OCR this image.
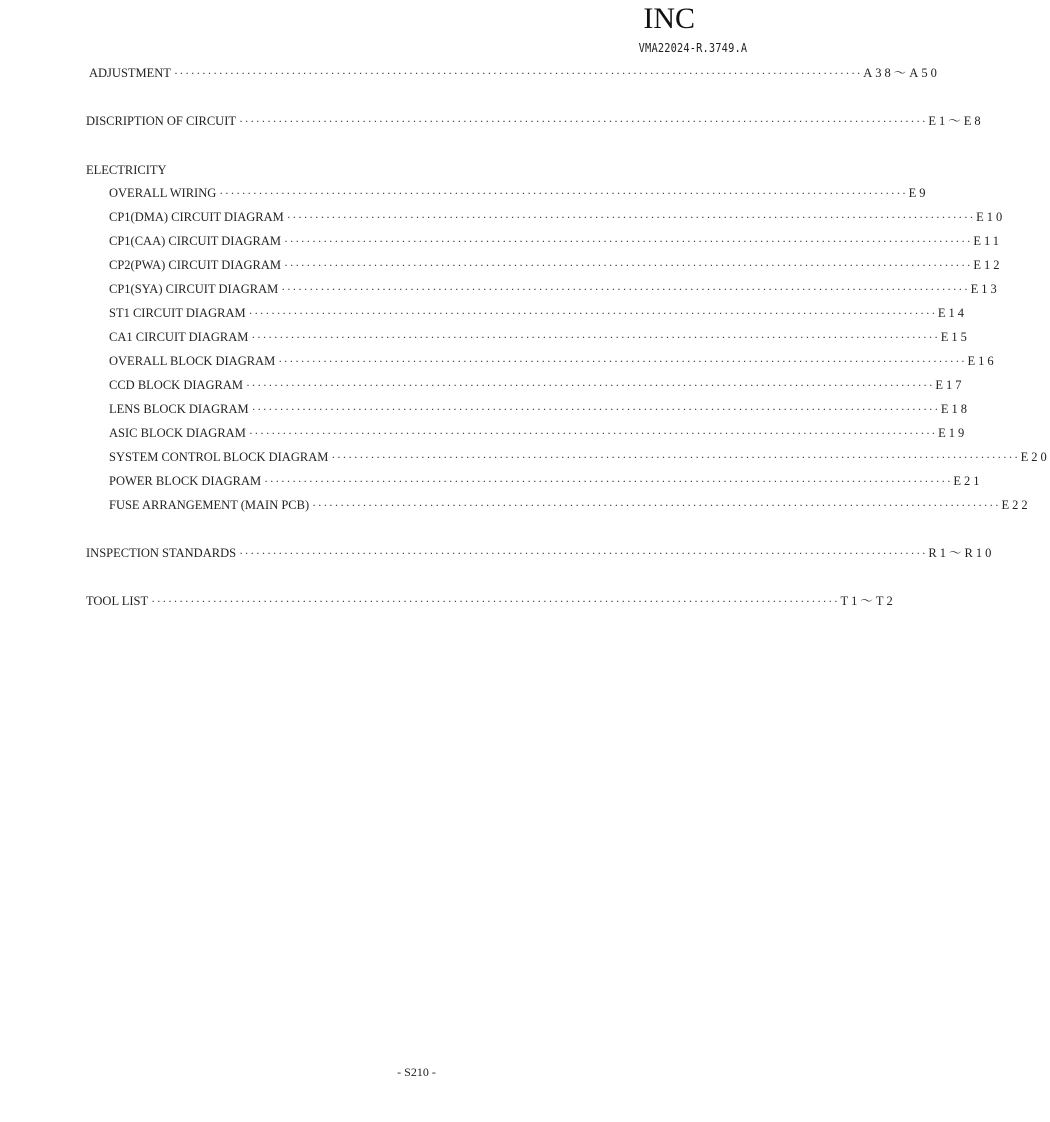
INC
VMA22024-R.3749.A
ADJUSTMENT ··························································································································· A38～A50
DISCRIPTION OF CIRCUIT ··························································································································· E1～E8
ELECTRICITY
OVERALL WIRING ··························································································································· E9
CP1(DMA) CIRCUIT DIAGRAM ··························································································································· E10
CP1(CAA) CIRCUIT DIAGRAM ··························································································································· E11
CP2(PWA) CIRCUIT DIAGRAM ··························································································································· E12
CP1(SYA) CIRCUIT DIAGRAM ··························································································································· E13
ST1 CIRCUIT DIAGRAM ··························································································································· E14
CA1 CIRCUIT DIAGRAM ··························································································································· E15
OVERALL BLOCK DIAGRAM ··························································································································· E16
CCD BLOCK DIAGRAM ··························································································································· E17
LENS BLOCK DIAGRAM ··························································································································· E18
ASIC BLOCK DIAGRAM ··························································································································· E19
SYSTEM CONTROL BLOCK DIAGRAM ··························································································································· E20
POWER BLOCK DIAGRAM ··························································································································· E21
FUSE ARRANGEMENT (MAIN PCB) ··························································································································· E22
INSPECTION STANDARDS ··························································································································· R1～R10
TOOL LIST ··························································································································· T1～T2
- S210 -
